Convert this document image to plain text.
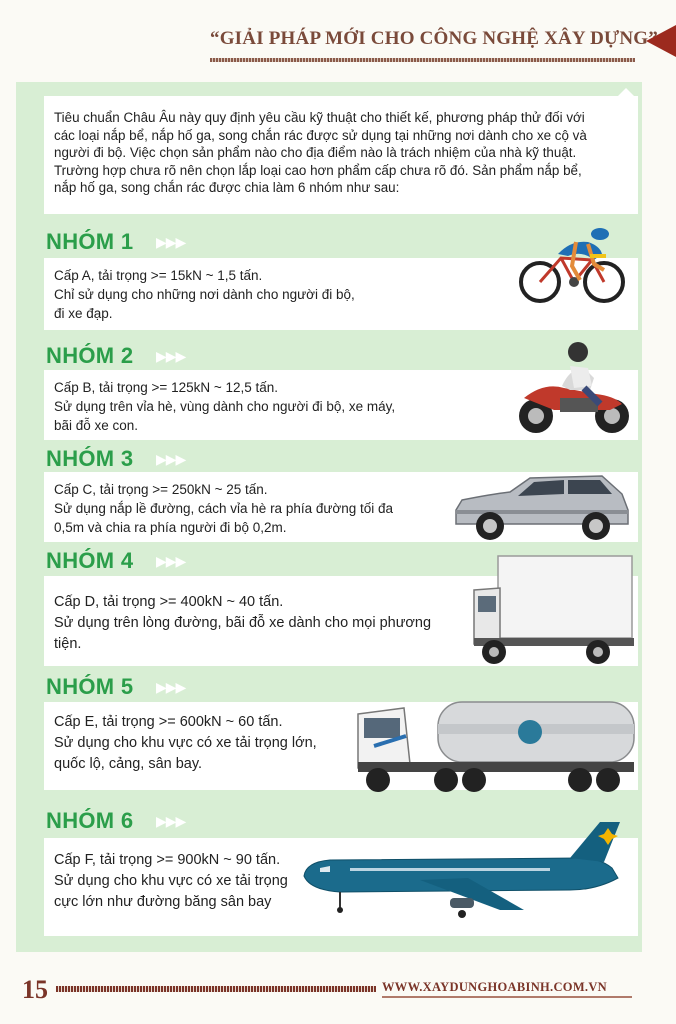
“GIẢI PHÁP MỚI CHO CÔNG NGHỆ XÂY DỰNG”
Tiêu chuẩn Châu Âu này quy định yêu cầu kỹ thuật cho thiết kế, phương pháp thử đối với
các loại nắp bể, nắp hố ga, song chắn rác được sử dụng tại những nơi dành cho xe cộ và
người đi bộ. Việc chọn sản phẩm nào cho địa điểm nào là trách nhiệm của nhà kỹ thuật.
Trường hợp chưa rõ nên chọn lắp loại cao hơn phẩm cấp chưa rõ đó. Sản phẩm nắp bể,
nắp hố ga, song chắn rác được chia làm 6 nhóm như sau:
NHÓM 1 ▶▶▶
Cấp A, tải trọng >= 15kN ~ 1,5 tấn.
Chỉ sử dụng cho những nơi dành cho người đi bộ,
đi xe đạp.
NHÓM 2 ▶▶▶
Cấp B, tải trọng >= 125kN ~ 12,5 tấn.
Sử dụng trên vỉa hè, vùng dành cho người đi bộ, xe máy,
bãi đỗ xe con.
NHÓM 3 ▶▶▶
Cấp C, tải trọng >= 250kN ~ 25 tấn.
Sử dụng nắp lề đường, cách vỉa hè ra phía đường tối đa
0,5m và chia ra phía người đi bộ 0,2m.
NHÓM 4 ▶▶▶
Cấp D, tải trọng >= 400kN ~ 40 tấn.
Sử dụng trên lòng đường, bãi đỗ xe dành cho mọi phương
tiện.
NHÓM 5 ▶▶▶
Cấp E, tải trọng >= 600kN ~ 60 tấn.
Sử dụng cho khu vực có xe tải trọng lớn,
quốc lộ, cảng, sân bay.
NHÓM 6 ▶▶▶
Cấp F, tải trọng >= 900kN ~ 90 tấn.
Sử dụng cho khu vực có xe tải trọng
cực lớn như đường băng sân bay
15	WWW.XAYDUNGHOABINH.COM.VN
